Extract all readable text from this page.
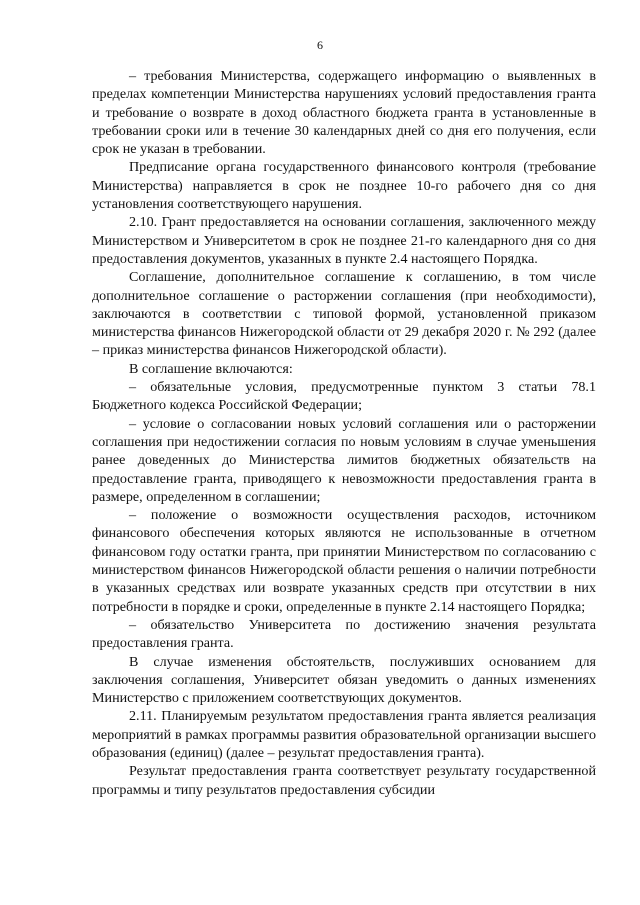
6

– требования Министерства, содержащего информацию о выявленных в пределах компетенции Министерства нарушениях условий предоставления гранта и требование о возврате в доход областного бюджета гранта в установленные в требовании сроки или в течение 30 календарных дней со дня его получения, если срок не указан в требовании.

Предписание органа государственного финансового контроля (требование Министерства) направляется в срок не позднее 10-го рабочего дня со дня установления соответствующего нарушения.

2.10. Грант предоставляется на основании соглашения, заключенного между Министерством и Университетом в срок не позднее 21-го календарного дня со дня предоставления документов, указанных в пункте 2.4 настоящего Порядка.

Соглашение, дополнительное соглашение к соглашению, в том числе дополнительное соглашение о расторжении соглашения (при необходимости), заключаются в соответствии с типовой формой, установленной приказом министерства финансов Нижегородской области от 29 декабря 2020 г. № 292 (далее – приказ министерства финансов Нижегородской области).

В соглашение включаются:

– обязательные условия, предусмотренные пунктом 3 статьи 78.1 Бюджетного кодекса Российской Федерации;

– условие о согласовании новых условий соглашения или о расторжении соглашения при недостижении согласия по новым условиям в случае уменьшения ранее доведенных до Министерства лимитов бюджетных обязательств на предоставление гранта, приводящего к невозможности предоставления гранта в размере, определенном в соглашении;

– положение о возможности осуществления расходов, источником финансового обеспечения которых являются не использованные в отчетном финансовом году остатки гранта, при принятии Министерством по согласованию с министерством финансов Нижегородской области решения о наличии потребности в указанных средствах или возврате указанных средств при отсутствии в них потребности в порядке и сроки, определенные в пункте 2.14 настоящего Порядка;

– обязательство Университета по достижению значения результата предоставления гранта.

В случае изменения обстоятельств, послуживших основанием для заключения соглашения, Университет обязан уведомить о данных изменениях Министерство с приложением соответствующих документов.

2.11. Планируемым результатом предоставления гранта является реализация мероприятий в рамках программы развития образовательной организации высшего образования (единиц) (далее – результат предоставления гранта).

Результат предоставления гранта соответствует результату государственной программы и типу результатов предоставления субсидии
